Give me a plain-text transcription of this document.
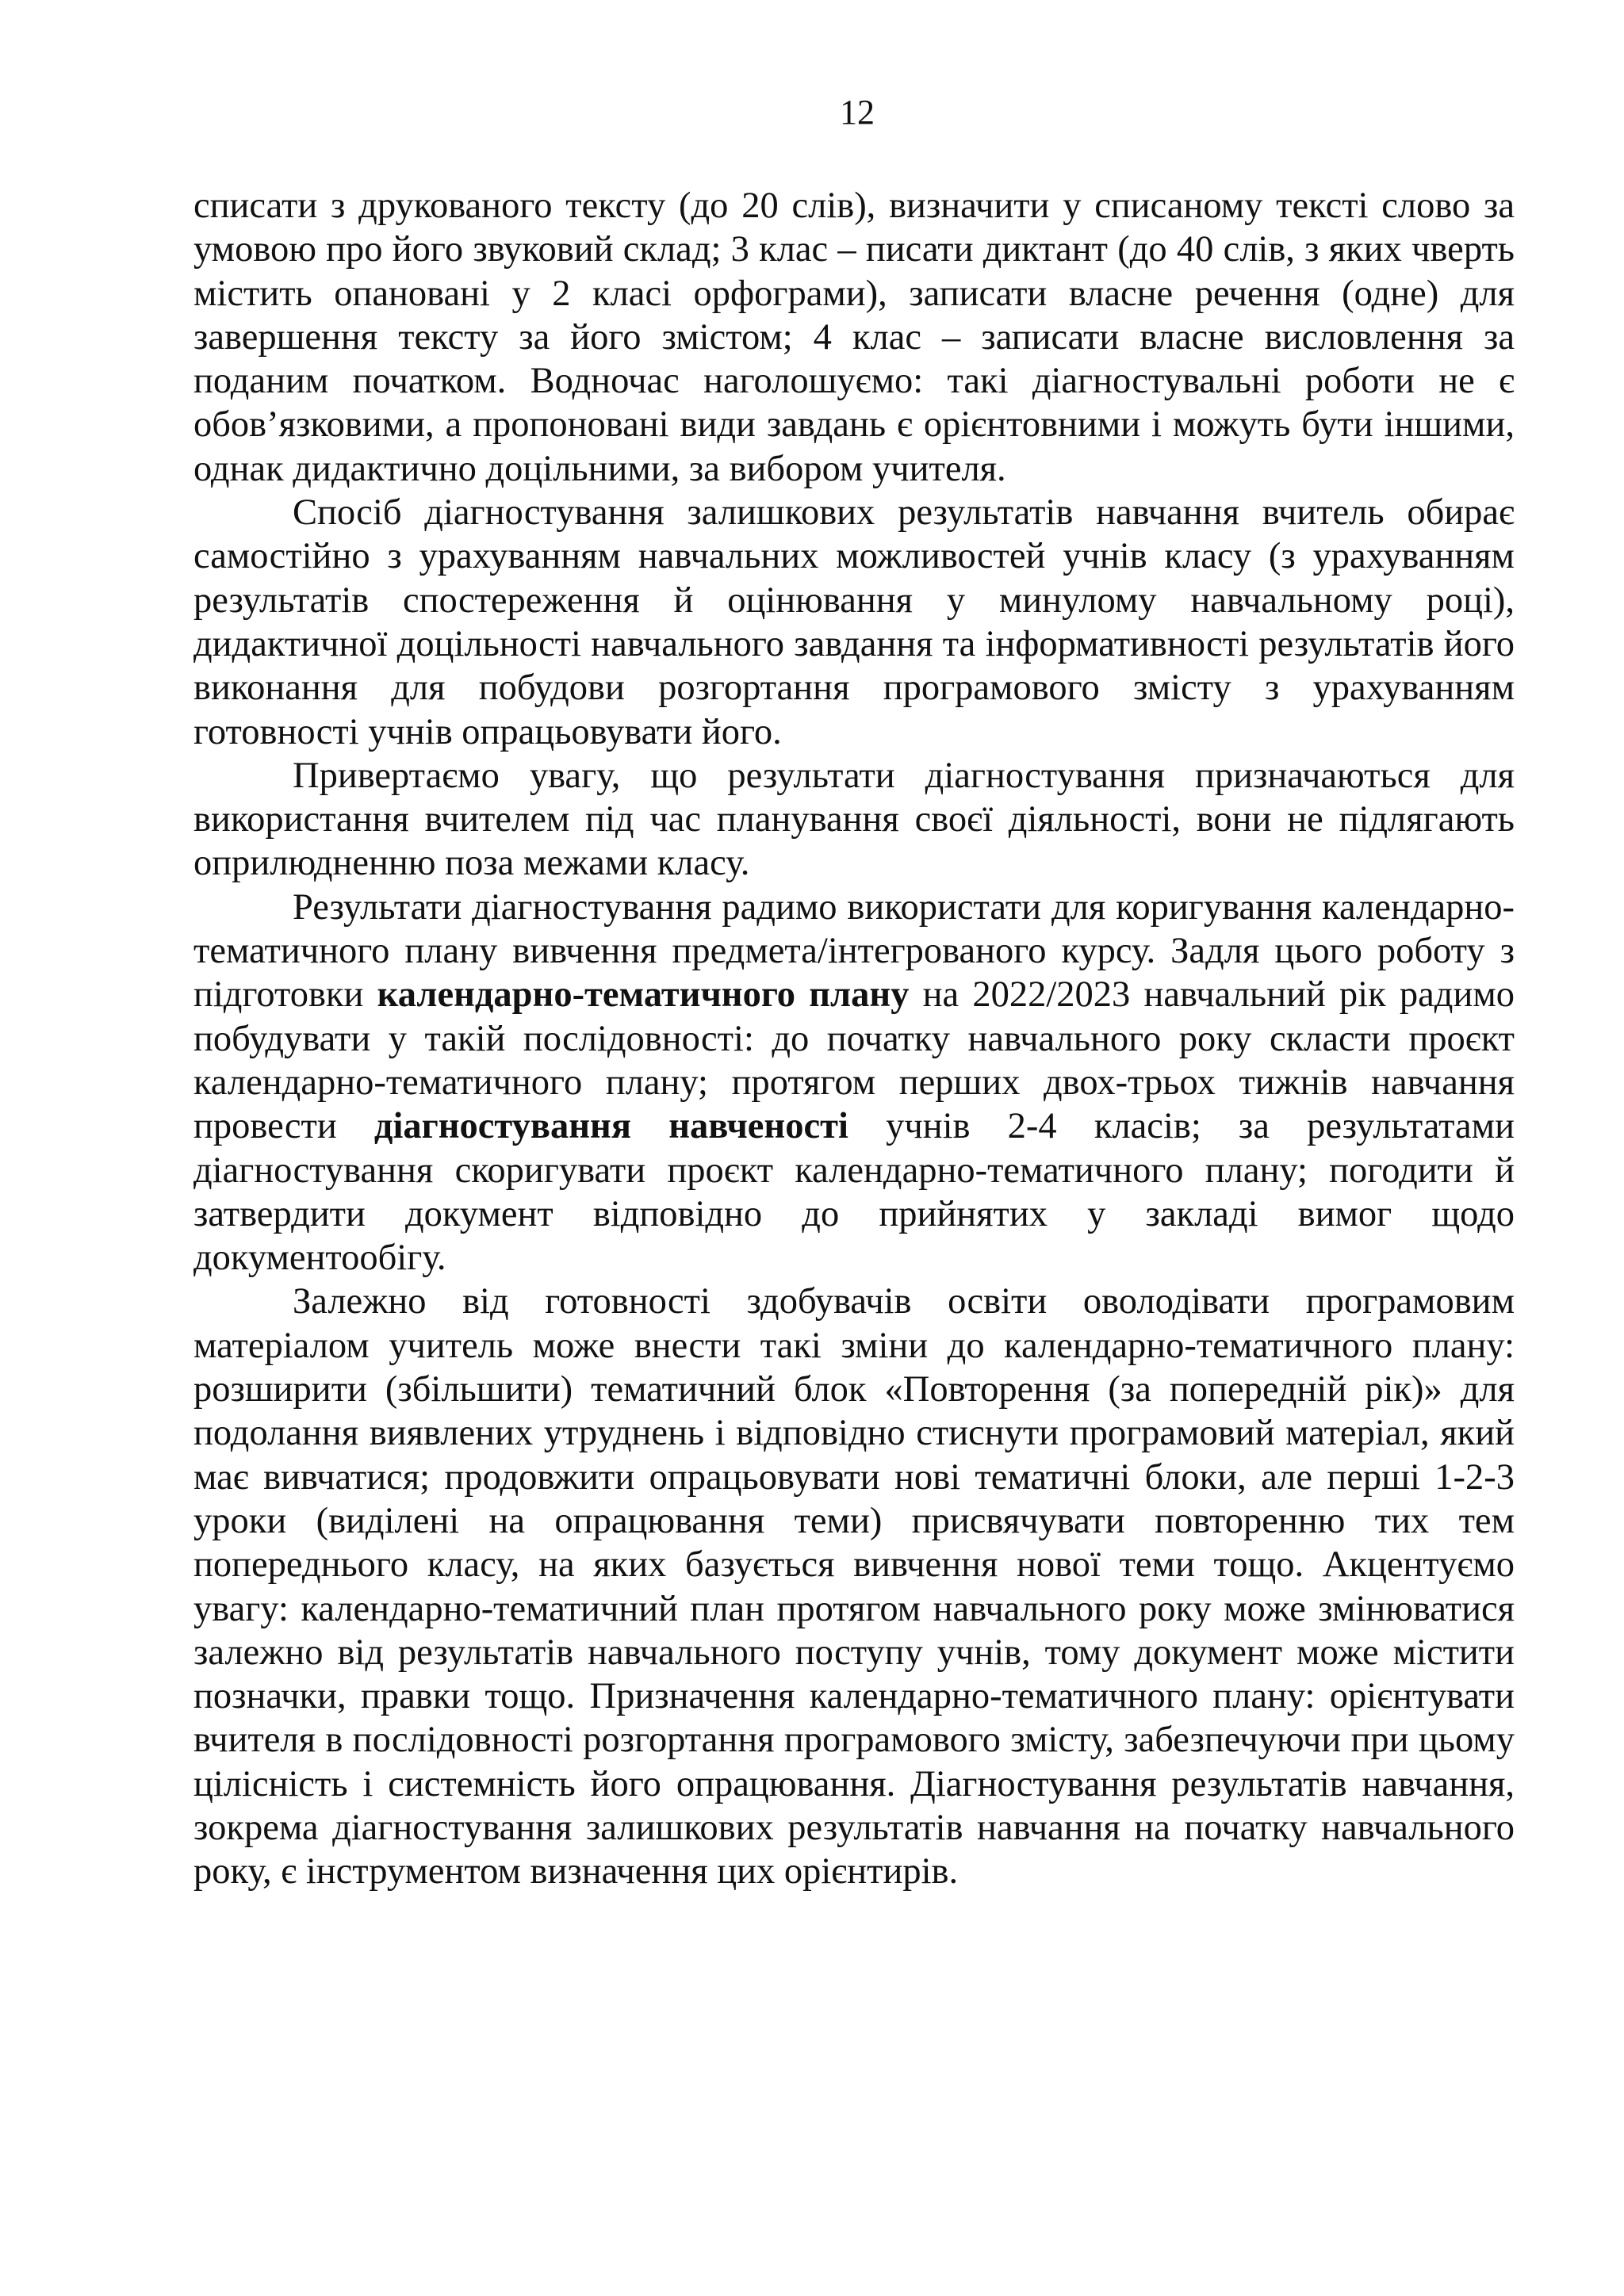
12

списати з друкованого тексту (до 20 слів), визначити у списаному тексті слово за умовою про його звуковий склад; 3 клас – писати диктант (до 40 слів, з яких чверть містить опановані у 2 класі орфограми), записати власне речення (одне) для завершення тексту за його змістом; 4 клас – записати власне висловлення за поданим початком. Водночас наголошуємо: такі діагностувальні роботи не є обов’язковими, а пропоновані види завдань є орієнтовними і можуть бути іншими, однак дидактично доцільними, за вибором учителя.

Спосіб діагностування залишкових результатів навчання вчитель обирає самостійно з урахуванням навчальних можливостей учнів класу (з урахуванням результатів спостереження й оцінювання у минулому навчальному році), дидактичної доцільності навчального завдання та інформативності результатів його виконання для побудови розгортання програмового змісту з урахуванням готовності учнів опрацьовувати його.

Привертаємо увагу, що результати діагностування призначаються для використання вчителем під час планування своєї діяльності, вони не підлягають оприлюдненню поза межами класу.

Результати діагностування радимо використати для коригування календарно-тематичного плану вивчення предмета/інтегрованого курсу. Задля цього роботу з підготовки календарно-тематичного плану на 2022/2023 навчальний рік радимо побудувати у такій послідовності: до початку навчального року скласти проєкт календарно-тематичного плану; протягом перших двох-трьох тижнів навчання провести діагностування навченості учнів 2-4 класів; за результатами діагностування скоригувати проєкт календарно-тематичного плану; погодити й затвердити документ відповідно до прийнятих у закладі вимог щодо документообігу.

Залежно від готовності здобувачів освіти оволодівати програмовим матеріалом учитель може внести такі зміни до календарно-тематичного плану: розширити (збільшити) тематичний блок «Повторення (за попередній рік)» для подолання виявлених утруднень і відповідно стиснути програмовий матеріал, який має вивчатися; продовжити опрацьовувати нові тематичні блоки, але перші 1-2-3 уроки (виділені на опрацювання теми) присвячувати повторенню тих тем попереднього класу, на яких базується вивчення нової теми тощо. Акцентуємо увагу: календарно-тематичний план протягом навчального року може змінюватися залежно від результатів навчального поступу учнів, тому документ може містити позначки, правки тощо. Призначення календарно-тематичного плану: орієнтувати вчителя в послідовності розгортання програмового змісту, забезпечуючи при цьому цілісність і системність його опрацювання. Діагностування результатів навчання, зокрема діагностування залишкових результатів навчання на початку навчального року, є інструментом визначення цих орієнтирів.
